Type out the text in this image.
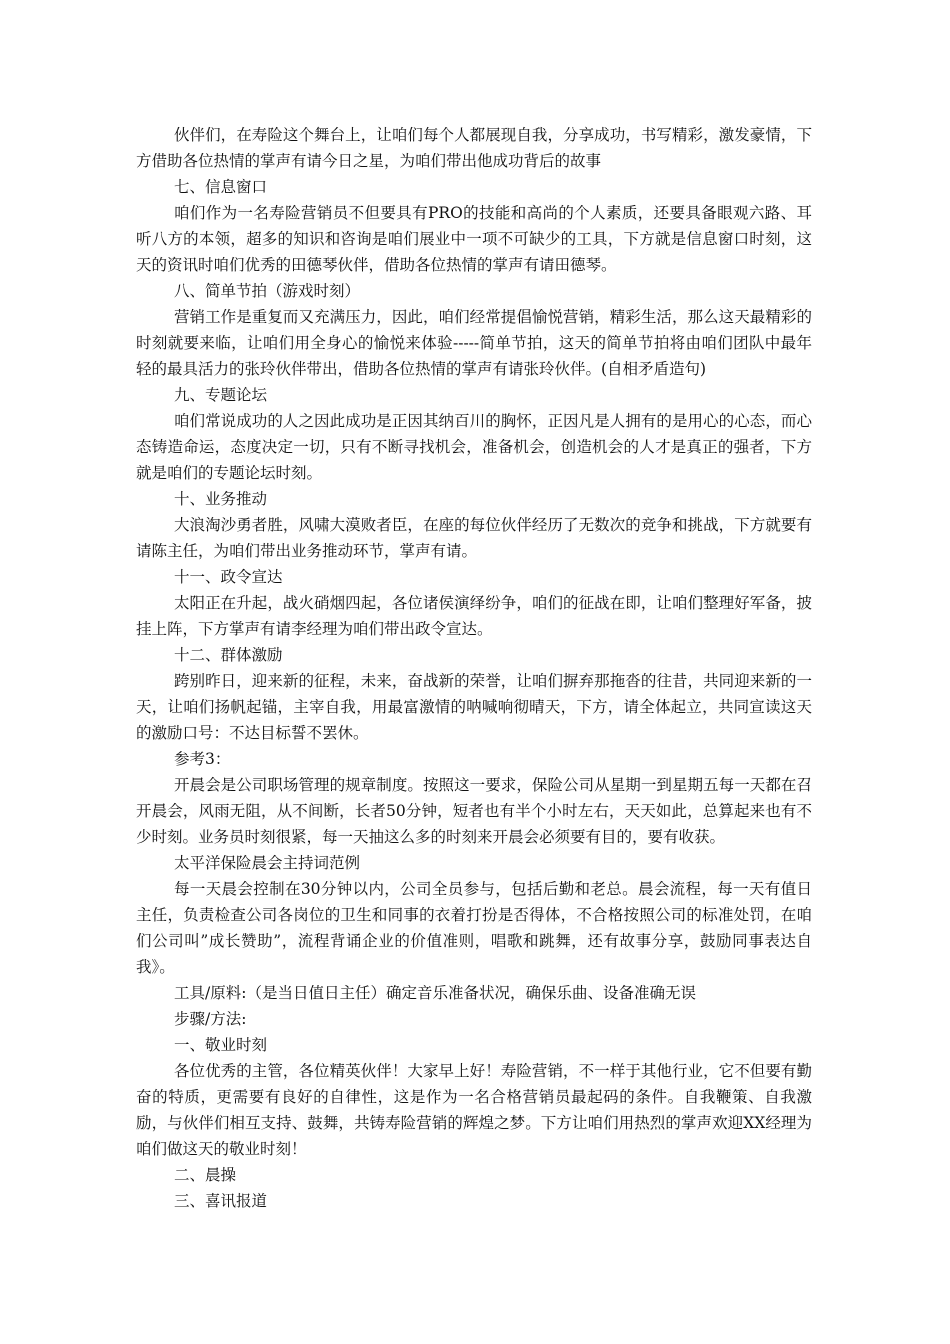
伙伴们，在寿险这个舞台上，让咱们每个人都展现自我，分享成功，书写精彩，激发豪情，下方借助各位热情的掌声有请今日之星，为咱们带出他成功背后的故事

七、信息窗口

咱们作为一名寿险营销员不但要具有PRO的技能和高尚的个人素质，还要具备眼观六路、耳听八方的本领，超多的知识和咨询是咱们展业中一项不可缺少的工具，下方就是信息窗口时刻，这天的资讯时咱们优秀的田德琴伙伴，借助各位热情的掌声有请田德琴。

八、简单节拍（游戏时刻）

营销工作是重复而又充满压力，因此，咱们经常提倡愉悦营销，精彩生活，那么这天最精彩的时刻就要来临，让咱们用全身心的愉悦来体验-----简单节拍，这天的简单节拍将由咱们团队中最年轻的最具活力的张玲伙伴带出，借助各位热情的掌声有请张玲伙伴。(自相矛盾造句)

九、专题论坛

咱们常说成功的人之因此成功是正因其纳百川的胸怀，正因凡是人拥有的是用心的心态，而心态铸造命运，态度决定一切，只有不断寻找机会，准备机会，创造机会的人才是真正的强者，下方就是咱们的专题论坛时刻。

十、业务推动

大浪淘沙勇者胜，风啸大漠败者臣，在座的每位伙伴经历了无数次的竞争和挑战，下方就要有请陈主任，为咱们带出业务推动环节，掌声有请。

十一、政令宣达

太阳正在升起，战火硝烟四起，各位诸侯演绎纷争，咱们的征战在即，让咱们整理好军备，披挂上阵，下方掌声有请李经理为咱们带出政令宣达。

十二、群体激励

跨别昨日，迎来新的征程，未来，奋战新的荣誉，让咱们摒弃那拖沓的往昔，共同迎来新的一天，让咱们扬帆起锚，主宰自我，用最富激情的呐喊响彻晴天，下方，请全体起立，共同宣读这天的激励口号：不达目标誓不罢休。

参考3：

开晨会是公司职场管理的规章制度。按照这一要求，保险公司从星期一到星期五每一天都在召开晨会，风雨无阻，从不间断，长者50分钟，短者也有半个小时左右，天天如此，总算起来也有不少时刻。业务员时刻很紧，每一天抽这么多的时刻来开晨会必须要有目的，要有收获。

太平洋保险晨会主持词范例

每一天晨会控制在30分钟以内，公司全员参与，包括后勤和老总。晨会流程，每一天有值日主任，负责检查公司各岗位的卫生和同事的衣着打扮是否得体，不合格按照公司的标准处罚，在咱们公司叫”成长赞助”，流程背诵企业的价值准则，唱歌和跳舞，还有故事分享，鼓励同事表达自我》。

工具/原料:（是当日值日主任）确定音乐准备状况，确保乐曲、设备准确无误

步骤/方法:

一、敬业时刻

各位优秀的主管，各位精英伙伴！大家早上好！寿险营销，不一样于其他行业，它不但要有勤奋的特质，更需要有良好的自律性，这是作为一名合格营销员最起码的条件。自我鞭策、自我激励，与伙伴们相互支持、鼓舞，共铸寿险营销的辉煌之梦。下方让咱们用热烈的掌声欢迎XX经理为咱们做这天的敬业时刻！

二、晨操

三、喜讯报道
